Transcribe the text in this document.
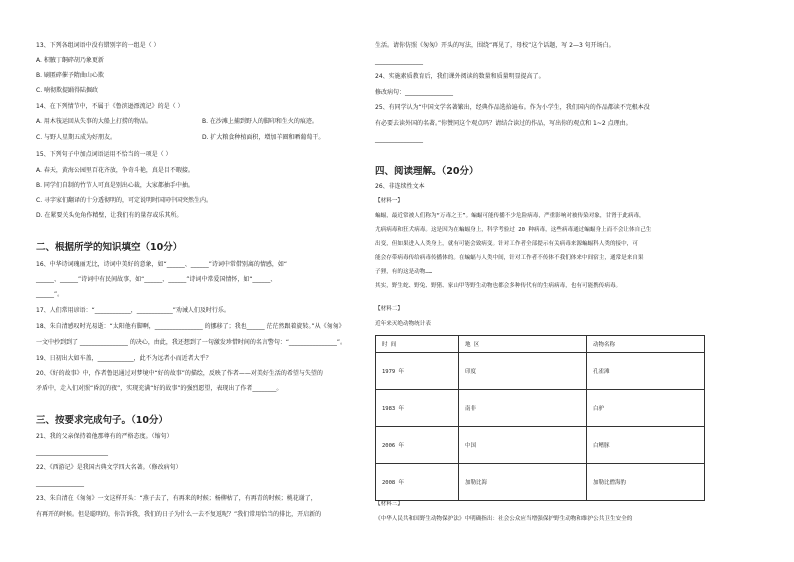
13、下列各组词语中没有错别字的一组是（ ）
A. 积腋丁餇碎胡乃象更新
B. 刷匿碎催予隋曲山心欺
C. 喃彻欺提踊得陆掘政
14、在下列情节中，不属于《鲁滨逊漂流记》的是（ ）
A. 用木筏运回从失事的大船上打捞的物品。	B. 在沙滩上捕到野人的脚印和生火的痕迹。
C. 与野人星期五成为好朋友。	D. 扩大粮食种植面积，增加羊圈和晒葡萄干。
15、下列句子中加点词语运用不恰当的一项是（ ）
A. 春天，黄海公园里百花齐放，争奇斗艳，真是目不暇接。
B. 同学们自制的竹节人可真是别出心裁，大家都抽手中抽。
C. 寻字家们翻译的十分透彻明的，可定说明时国同中国突然生内。
D. 在紧要关头免角作精壁，让我们有的量存或乐其所。
二、根据所学的知识填空（10分）
16、中华诗词瑰丽无比，诗词中美好的意象，如“______、______”诗词中常借别离的情感，如“
______、______”诗词中有民间故事，如“______、______”诗词中常爱国情怀，如“______、
______”。
17、人们常用谚语：“____________，____________”劝诫人们及时行乐。
18、朱自清感叹时光易逝：“太阳他有脚啊，________________ 的挪移了；我也______ 茫茫然跟着旋转。”从《匆匆》
一文中抄到到了 ________________ 的决心，由此，我还想到了一句激发珍惜时间的名言警句：“________________”。
19、日初出大如车盖，____________，此不为远者小而近者大乎？
20、《好的故事》中，作者鲁迅通过对梦境中“好的故事”的描绘，反映了作者——对美好生活的希望与失望的
矛盾中，走入们对照“昏沉的夜”，实现充满“好的故事”的强烈愿望，表现出了作者________。
三、按要求完成句子。（10分）
21、我的父亲保持着他那尊有的严格态度。（缩句）
________________________
22、《西游记》是我国古典文学四大名著。（修改病句）
________________
23、朱自清在《匆匆》一文这样开头：“燕子去了，有再来的时候；杨柳枯了，有再青的时候；桃花谢了，
有再开的时候。但是聪明的，你告诉我，我们的日子为什么一去不复返呢？”我们常用恰当的排比，开启新的
生活。请你仿照《匆匆》开头的写法，围绕“再见了，母校”这个话题，写 2—3 句开场白。
________________
24、实施素质教育后，我们课外阅读的数量和质量明显提高了。
修改病句：________________
25、有同学认为“中国文学名著繁出，经典作品选拾遍布。作为小学生，我们国内的作品都读不完根本没
有必要去读外国的名著。”你赞同这个观点吗？请结合读过的作品，写出你的观点和 1~2 点理由。
________________
四、阅读理解。（20分）
26、非连续性文本
【材料一】
蝙蝠，最近常被人们称为“万毒之王”。蝙蝠可能传播不少危险病毒，严重影响对被传染对象，甘肾于此病毒，
尤病病毒和狂犬病毒。这是因为在蝙蝠身上，科学考验过 20 种病毒，这些病毒通过蝙蝠身上而不会让体自己生
出变，但如果进入人类身上，就有可能会致病变。针对工作者全部提示有关病毒来源蝙蝠科人类的接中，可
能会存带病毒传给病毒传播体的。在蝙蝠与人类中间，针对工作者不传体不我们体来中间宿主，通常是来自果
子狸，有的这是动物……
其实，野生蛇、野兔、野猪、家山甲等野生动物也都会多种传代有的生病病毒，也有可能携传病毒。
【材料二】
近年来灭绝动物统计表
时 间	地 区	动物名称
1979 年	印度	孔雀滩
1983 年	南非	白驴
2006 年	中国	白鳍豚
2008 年	加勒比海	加勒比僧海豹
【材料三】
《中华人民共和国野生动物保护法》中明确指出：社会公众应当增强保护野生动物和维护公共卫生安全的
